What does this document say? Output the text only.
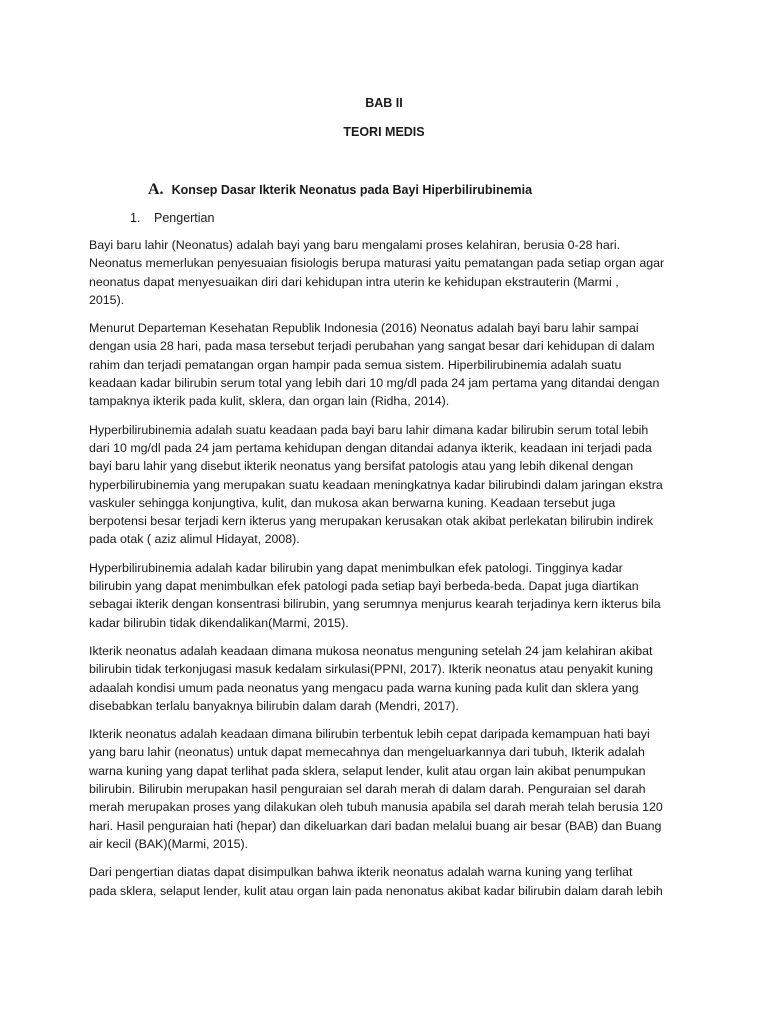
BAB II
TEORI MEDIS
A. Konsep Dasar Ikterik Neonatus pada Bayi Hiperbilirubinemia
1. Pengertian

Bayi baru lahir (Neonatus) adalah bayi yang baru mengalami proses kelahiran, berusia 0-28 hari.
Neonatus memerlukan penyesuaian fisiologis berupa maturasi yaitu pematangan pada setiap organ agar
neonatus dapat menyesuaikan diri dari kehidupan intra uterin ke kehidupan ekstrauterin (Marmi ,
2015).

Menurut Departeman Kesehatan Republik Indonesia (2016) Neonatus adalah bayi baru lahir sampai
dengan usia 28 hari, pada masa tersebut terjadi perubahan yang sangat besar dari kehidupan di dalam
rahim dan terjadi pematangan organ hampir pada semua sistem. Hiperbilirubinemia adalah suatu
keadaan kadar bilirubin serum total yang lebih dari 10 mg/dl pada 24 jam pertama yang ditandai dengan
tampaknya ikterik pada kulit, sklera, dan organ lain (Ridha, 2014).

Hyperbilirubinemia adalah suatu keadaan pada bayi baru lahir dimana kadar bilirubin serum total lebih
dari 10 mg/dl pada 24 jam pertama kehidupan dengan ditandai adanya ikterik, keadaan ini terjadi pada
bayi baru lahir yang disebut ikterik neonatus yang bersifat patologis atau yang lebih dikenal dengan
hyperbilirubinemia yang merupakan suatu keadaan meningkatnya kadar bilirubindi dalam jaringan ekstra
vaskuler sehingga konjungtiva, kulit, dan mukosa akan berwarna kuning. Keadaan tersebut juga
berpotensi besar terjadi kern ikterus yang merupakan kerusakan otak akibat perlekatan bilirubin indirek
pada otak ( aziz alimul Hidayat, 2008).

Hyperbilirubinemia adalah kadar bilirubin yang dapat menimbulkan efek patologi. Tingginya kadar
bilirubin yang dapat menimbulkan efek patologi pada setiap bayi berbeda-beda. Dapat juga diartikan
sebagai ikterik dengan konsentrasi bilirubin, yang serumnya menjurus kearah terjadinya kern ikterus bila
kadar bilirubin tidak dikendalikan(Marmi, 2015).

Ikterik neonatus adalah keadaan dimana mukosa neonatus menguning setelah 24 jam kelahiran akibat
bilirubin tidak terkonjugasi masuk kedalam sirkulasi(PPNI, 2017). Ikterik neonatus atau penyakit kuning
adaalah kondisi umum pada neonatus yang mengacu pada warna kuning pada kulit dan sklera yang
disebabkan terlalu banyaknya bilirubin dalam darah (Mendri, 2017).

Ikterik neonatus adalah keadaan dimana bilirubin terbentuk lebih cepat daripada kemampuan hati bayi
yang baru lahir (neonatus) untuk dapat memecahnya dan mengeluarkannya dari tubuh, Ikterik adalah
warna kuning yang dapat terlihat pada sklera, selaput lender, kulit atau organ lain akibat penumpukan
bilirubin. Bilirubin merupakan hasil penguraian sel darah merah di dalam darah. Penguraian sel darah
merah merupakan proses yang dilakukan oleh tubuh manusia apabila sel darah merah telah berusia 120
hari. Hasil penguraian hati (hepar) dan dikeluarkan dari badan melalui buang air besar (BAB) dan Buang
air kecil (BAK)(Marmi, 2015).

Dari pengertian diatas dapat disimpulkan bahwa ikterik neonatus adalah warna kuning yang terlihat
pada sklera, selaput lender, kulit atau organ lain pada nenonatus akibat kadar bilirubin dalam darah lebih
